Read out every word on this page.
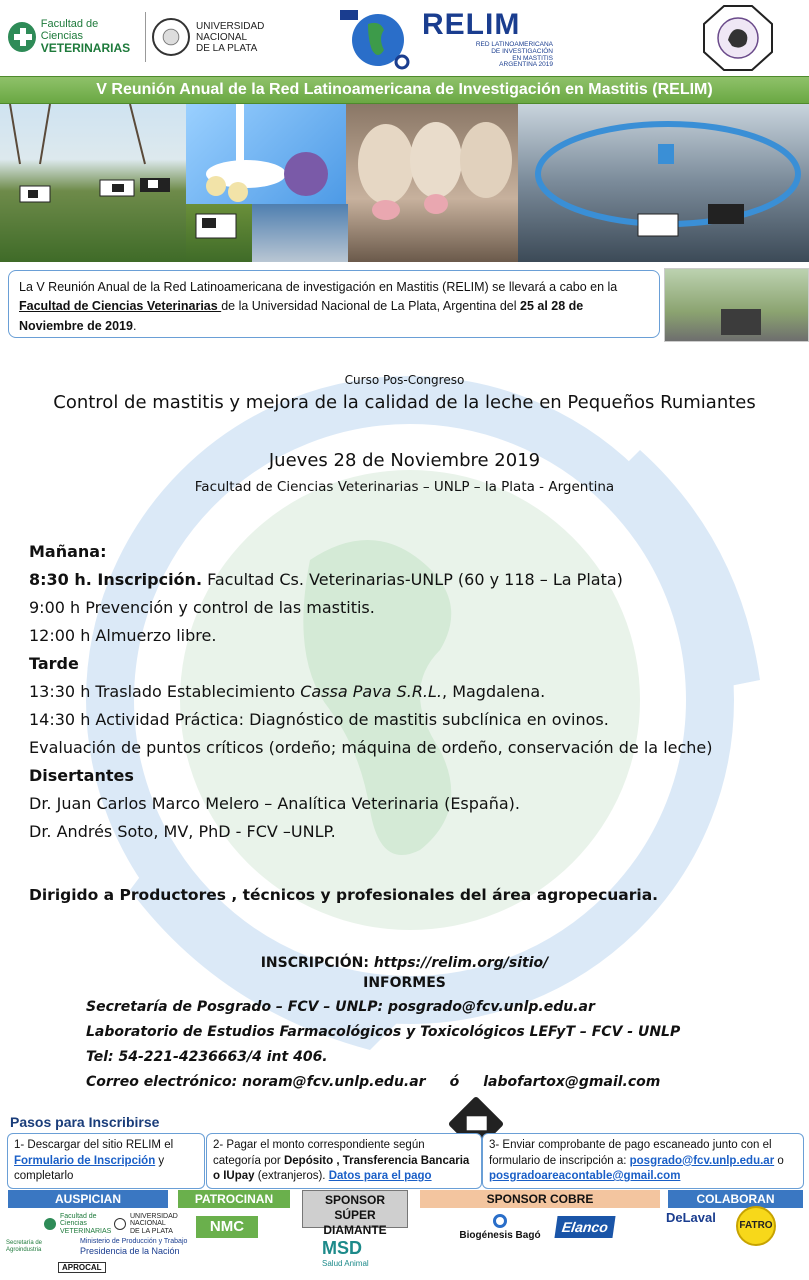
Facultad de Ciencias
VETERINARIAS
UNIVERSIDAD
NACIONAL
DE LA PLATA
RELIM
RED LATINOAMERICANA
DE INVESTIGACIÓN
EN MASTITIS
ARGENTINA 2019
V Reunión Anual de la Red Latinoamericana de Investigación en Mastitis (RELIM)
La V Reunión Anual de la Red Latinoamericana de investigación en Mastitis (RELIM) se llevará a cabo en la Facultad de Ciencias Veterinarias de la Universidad Nacional de La Plata, Argentina del 25 al 28 de Noviembre de 2019.
Curso Pos-Congreso
Control de mastitis y mejora de la calidad de la leche en Pequeños Rumiantes
Jueves 28 de Noviembre 2019
Facultad de Ciencias Veterinarias – UNLP – la Plata - Argentina
Mañana:
8:30 h. Inscripción. Facultad Cs. Veterinarias-UNLP (60 y 118 – La Plata)
9:00 h Prevención y control de las mastitis.
12:00 h Almuerzo libre.
Tarde
13:30 h Traslado Establecimiento Cassa Pava S.R.L., Magdalena.
14:30 h Actividad Práctica: Diagnóstico de mastitis subclínica en ovinos.
Evaluación de puntos críticos (ordeño; máquina de ordeño, conservación de la leche)
Disertantes
Dr. Juan Carlos Marco Melero – Analítica Veterinaria (España).
Dr. Andrés Soto, MV, PhD - FCV –UNLP.
Dirigido a Productores , técnicos y profesionales del área agropecuaria.
INSCRIPCIÓN: https://relim.org/sitio/
INFORMES
Secretaría de Posgrado – FCV – UNLP: posgrado@fcv.unlp.edu.ar
Laboratorio de Estudios Farmacológicos y Toxicológicos LEFyT – FCV - UNLP
Tel: 54-221-4236663/4 int 406.
Correo electrónico: noram@fcv.unlp.edu.ar ó labofartox@gmail.com
Pasos para Inscribirse
1- Descargar del sitio RELIM el Formulario de Inscripción y completarlo
2- Pagar el monto correspondiente según categoría por Depósito , Transferencia Bancaria o IUpay (extranjeros). Datos para el pago
3- Enviar comprobante de pago escaneado junto con el formulario de inscripción a: posgrado@fcv.unlp.edu.ar o posgradoareacontable@gmail.com
AUSPICIAN	PATROCINAN	SPONSOR SÚPER DIAMANTE
SPONSOR COBRE	COLABORAN
Facultad de Ciencias VETERINARIAS
UNIVERSIDAD NACIONAL DE LA PLATA
Secretaría de Agroindustria
Ministerio de Producción y Trabajo
Presidencia de la Nación
APROCAL
NMC
MSD
Salud Animal
Biogénesis Bagó
Elanco
DeLaval
FATRO
